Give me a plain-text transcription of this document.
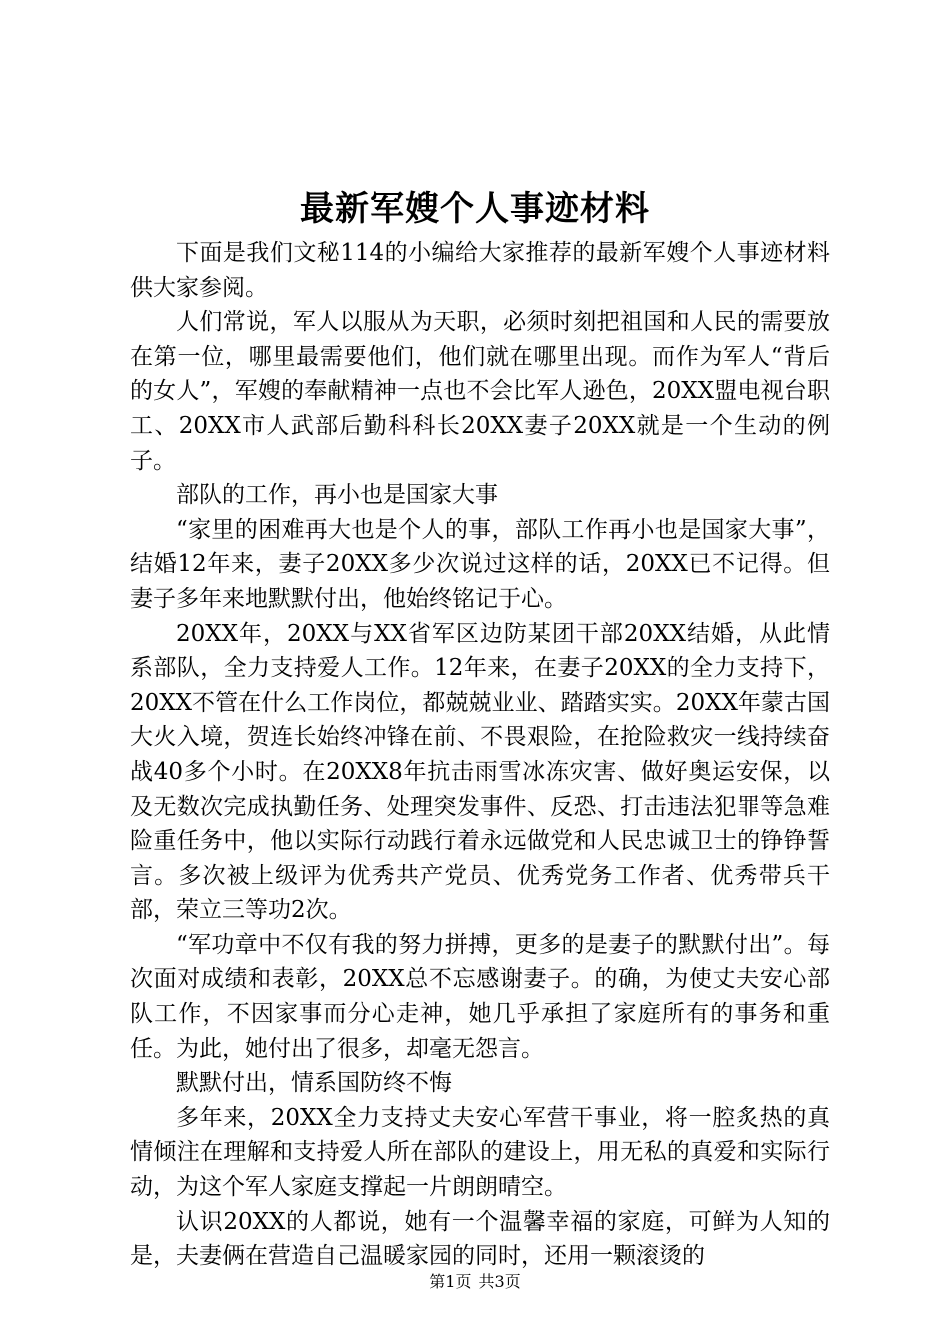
最新军嫂个人事迹材料

下面是我们文秘114的小编给大家推荐的最新军嫂个人事迹材料供大家参阅。

人们常说，军人以服从为天职，必须时刻把祖国和人民的需要放在第一位，哪里最需要他们，他们就在哪里出现。而作为军人“背后的女人”，军嫂的奉献精神一点也不会比军人逊色，20XX盟电视台职工、20XX市人武部后勤科科长20XX妻子20XX就是一个生动的例子。

部队的工作，再小也是国家大事

“家里的困难再大也是个人的事，部队工作再小也是国家大事”，结婚12年来，妻子20XX多少次说过这样的话，20XX已不记得。但妻子多年来地默默付出，他始终铭记于心。

20XX年，20XX与XX省军区边防某团干部20XX结婚，从此情系部队，全力支持爱人工作。12年来，在妻子20XX的全力支持下，20XX不管在什么工作岗位，都兢兢业业、踏踏实实。20XX年蒙古国大火入境，贺连长始终冲锋在前、不畏艰险，在抢险救灾一线持续奋战40多个小时。在20XX8年抗击雨雪冰冻灾害、做好奥运安保，以及无数次完成执勤任务、处理突发事件、反恐、打击违法犯罪等急难险重任务中，他以实际行动践行着永远做党和人民忠诚卫士的铮铮誓言。多次被上级评为优秀共产党员、优秀党务工作者、优秀带兵干部，荣立三等功2次。

“军功章中不仅有我的努力拼搏，更多的是妻子的默默付出”。每次面对成绩和表彰，20XX总不忘感谢妻子。的确，为使丈夫安心部队工作，不因家事而分心走神，她几乎承担了家庭所有的事务和重任。为此，她付出了很多，却毫无怨言。

默默付出，情系国防终不悔

多年来，20XX全力支持丈夫安心军营干事业，将一腔炙热的真情倾注在理解和支持爱人所在部队的建设上，用无私的真爱和实际行动，为这个军人家庭支撑起一片朗朗晴空。

认识20XX的人都说，她有一个温馨幸福的家庭，可鲜为人知的是，夫妻俩在营造自己温暖家园的同时，还用一颗滚烫的

第1页 共3页
